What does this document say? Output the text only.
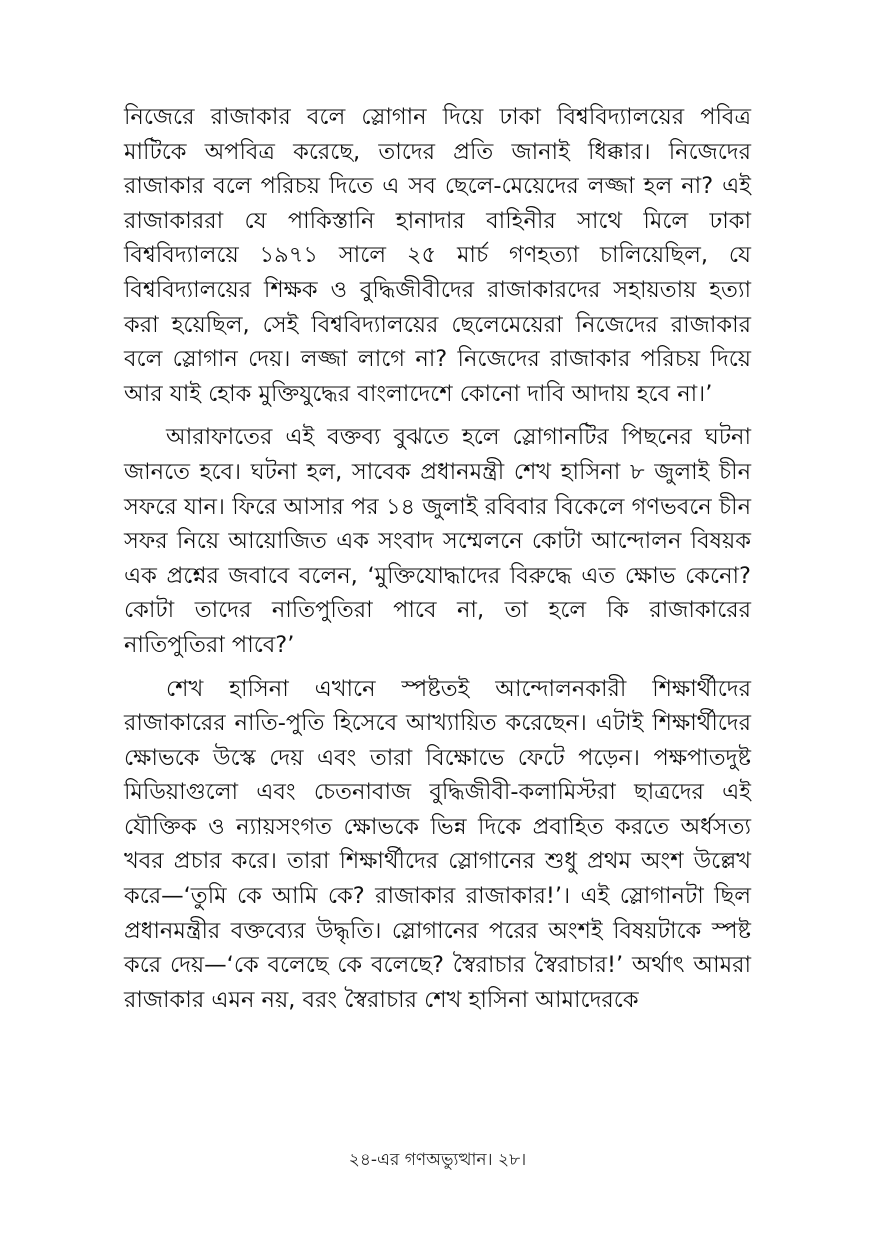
নিজেরে রাজাকার বলে স্লোগান দিয়ে ঢাকা বিশ্ববিদ্যালয়ের পবিত্র মাটিকে অপবিত্র করেছে, তাদের প্রতি জানাই ধিক্কার। নিজেদের রাজাকার বলে পরিচয় দিতে এ সব ছেলে-মেয়েদের লজ্জা হল না? এই রাজাকাররা যে পাকিস্তানি হানাদার বাহিনীর সাথে মিলে ঢাকা বিশ্ববিদ্যালয়ে ১৯৭১ সালে ২৫ মার্চ গণহত্যা চালিয়েছিল, যে বিশ্ববিদ্যালয়ের শিক্ষক ও বুদ্ধিজীবীদের রাজাকারদের সহায়তায় হত্যা করা হয়েছিল, সেই বিশ্ববিদ্যালয়ের ছেলেমেয়েরা নিজেদের রাজাকার বলে স্লোগান দেয়। লজ্জা লাগে না? নিজেদের রাজাকার পরিচয় দিয়ে আর যাই হোক মুক্তিযুদ্ধের বাংলাদেশে কোনো দাবি আদায় হবে না।’

আরাফাতের এই বক্তব্য বুঝতে হলে স্লোগানটির পিছনের ঘটনা জানতে হবে। ঘটনা হল, সাবেক প্রধানমন্ত্রী শেখ হাসিনা ৮ জুলাই চীন সফরে যান। ফিরে আসার পর ১৪ জুলাই রবিবার বিকেলে গণভবনে চীন সফর নিয়ে আয়োজিত এক সংবাদ সম্মেলনে কোটা আন্দোলন বিষয়ক এক প্রশ্নের জবাবে বলেন, ‘মুক্তিযোদ্ধাদের বিরুদ্ধে এত ক্ষোভ কেনো? কোটা তাদের নাতিপুতিরা পাবে না, তা হলে কি রাজাকারের নাতিপুতিরা পাবে?’

শেখ হাসিনা এখানে স্পষ্টতই আন্দোলনকারী শিক্ষার্থীদের রাজাকারের নাতি-পুতি হিসেবে আখ্যায়িত করেছেন। এটাই শিক্ষার্থীদের ক্ষোভকে উস্কে দেয় এবং তারা বিক্ষোভে ফেটে পড়েন। পক্ষপাতদুষ্ট মিডিয়াগুলো এবং চেতনাবাজ বুদ্ধিজীবী-কলামিস্টরা ছাত্রদের এই যৌক্তিক ও ন্যায়সংগত ক্ষোভকে ভিন্ন দিকে প্রবাহিত করতে অর্ধসত্য খবর প্রচার করে। তারা শিক্ষার্থীদের স্লোগানের শুধু প্রথম অংশ উল্লেখ করে—‘তুমি কে আমি কে? রাজাকার রাজাকার!’। এই স্লোগানটা ছিল প্রধানমন্ত্রীর বক্তব্যের উদ্ধৃতি। স্লোগানের পরের অংশই বিষয়টাকে স্পষ্ট করে দেয়—‘কে বলেছে কে বলেছে? স্বৈরাচার স্বৈরাচার!’ অর্থাৎ আমরা রাজাকার এমন নয়, বরং স্বৈরাচার শেখ হাসিনা আমাদেরকে

২৪-এর গণঅভ্যুত্থান। ২৮।
